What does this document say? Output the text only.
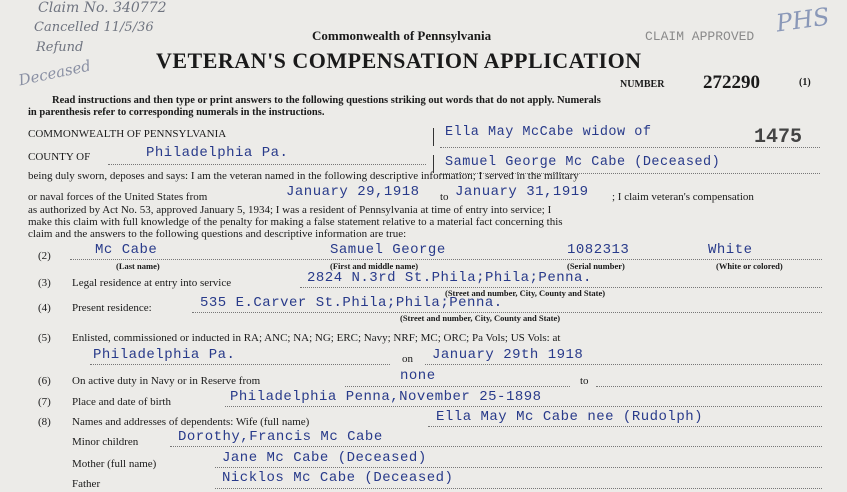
Claim No. 340772
Cancelled 11/5/36
Refund
Deceased
Commonwealth of Pennsylvania
VETERAN'S COMPENSATION APPLICATION
CLAIM APPROVED PHS
NUMBER 272290	(1)
Read instructions and then type or print answers to the following questions striking out words that do not apply. Numerals
in parenthesis refer to corresponding numerals in the instructions.
COMMONWEALTH OF PENNSYLVANIA
COUNTY OF	Philadelphia Pa.
Ella May McCabe widow of
Samuel George Mc Cabe (Deceased)
1475
being duly sworn, deposes and says: I am the veteran named in the following descriptive information; I served in the military
or naval forces of the United States from	January 29,1918 to January 31,1919 ; I claim veteran's compensation
as authorized by Act No. 53, approved January 5, 1934; I was a resident of Pennsylvania at time of entry into service; I
make this claim with full knowledge of the penalty for making a false statement relative to a material fact concerning this
claim and the answers to the following questions and descriptive information are true:
(2)	Mc Cabe	Samuel George	1082313	White
(Last name)	(First and middle name)	(Serial number)	(White or colored)
(3) Legal residence at entry into service	2824 N.3rd St.Phila;Phila;Penna.
(Street and number, City, County and State)
(4) Present residence:	535 E.Carver St.Phila;Phila;Penna.
(Street and number, City, County and State)
(5) Enlisted, commissioned or inducted in RA; ANC; NA; NG; ERC; Navy; NRF; MC; ORC; Pa Vols; US Vols: at
Philadelphia Pa.	on January 29th 1918
(6) On active duty in Navy or in Reserve from	none	to
(7) Place and date of birth	Philadelphia Penna,November 25-1898
(8) Names and addresses of dependents: Wife (full name)	Ella May Mc Cabe nee (Rudolph)
Minor children	Dorothy,Francis Mc Cabe
Mother (full name)	Jane Mc Cabe (Deceased)
Father	Nicklos Mc Cabe (Deceased)
